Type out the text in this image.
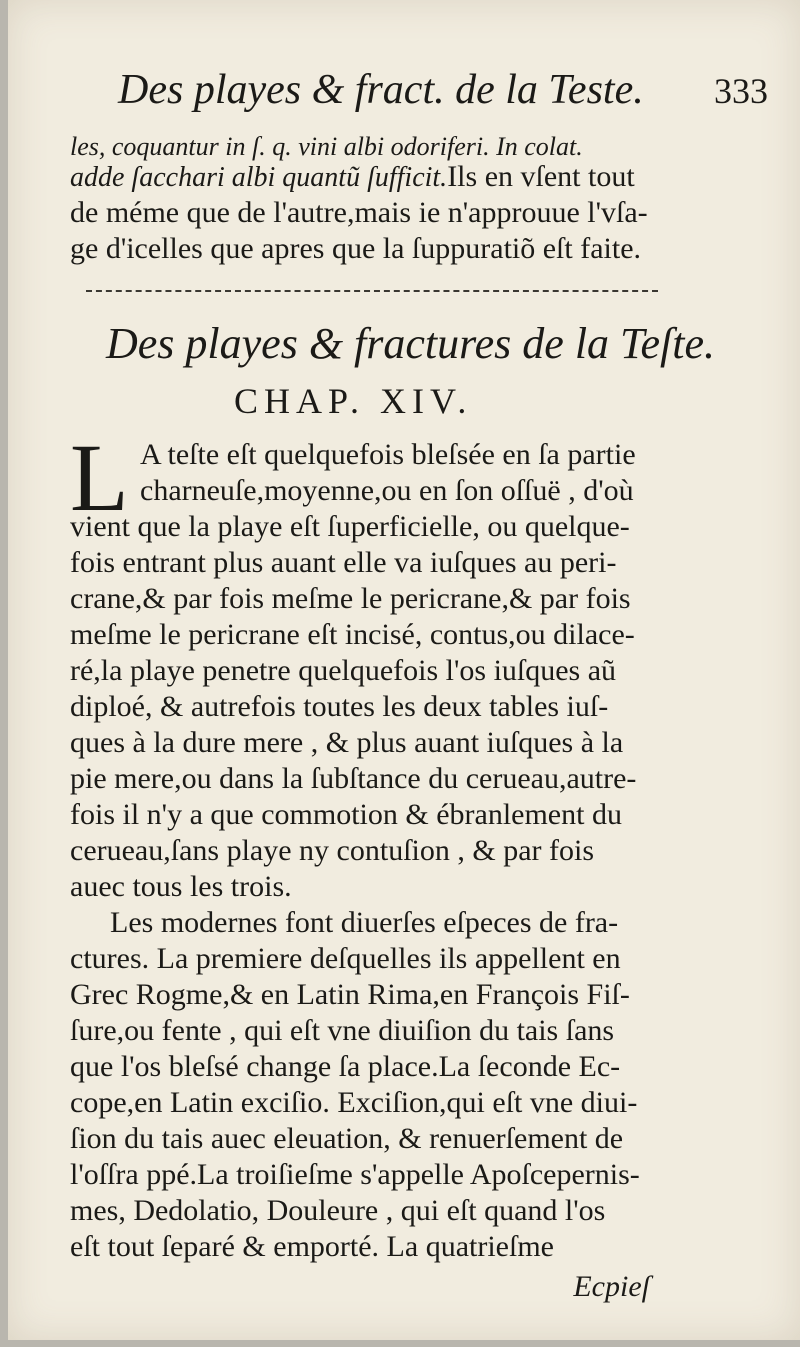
Des playes & fract. de la Teste. 333
les, coquantur in ſ. q. vini albi odoriferi. In colat.
adde ſacchari albi quantũ ſufficit.Ils en vſent tout
de méme que de l'autre,mais ie n'approuue l'vſa-
ge d'icelles que apres que la ſuppuratiõ eſt faite.
Des playes & fractures de la Teſte.
CHAP. XIV.
L A teſte eſt quelquefois bleſsée en ſa partie
charneuſe,moyenne,ou en ſon oſſuë , d'où
vient que la playe eſt ſuperficielle, ou quelque-
fois entrant plus auant elle va iuſques au peri-
crane,& par fois meſme le pericrane,& par fois
meſme le pericrane eſt incisé, contus,ou dilace-
ré,la playe penetre quelquefois l'os iuſques aũ
diploé, & autrefois toutes les deux tables iuſ-
ques à la dure mere , & plus auant iuſques à la
pie mere,ou dans la ſubſtance du cerueau,autre-
fois il n'y a que commotion & ébranlement du
cerueau,ſans playe ny contuſion , & par fois
auec tous les trois.
Les modernes font diuerſes eſpeces de fra-
ctures. La premiere deſquelles ils appellent en
Grec Rogme,& en Latin Rima,en François Fiſ-
ſure,ou fente , qui eſt vne diuiſion du tais ſans
que l'os bleſsé change ſa place.La ſeconde Ec-
cope,en Latin exciſio. Exciſion,qui eſt vne diui-
ſion du tais auec eleuation, & renuerſement de
l'oſſra ppé.La troiſieſme s'appelle Apoſcepernis-
mes, Dedolatio, Douleure , qui eſt quand l'os
eſt tout ſeparé & emporté. La quatrieſme
Ecpieſ
